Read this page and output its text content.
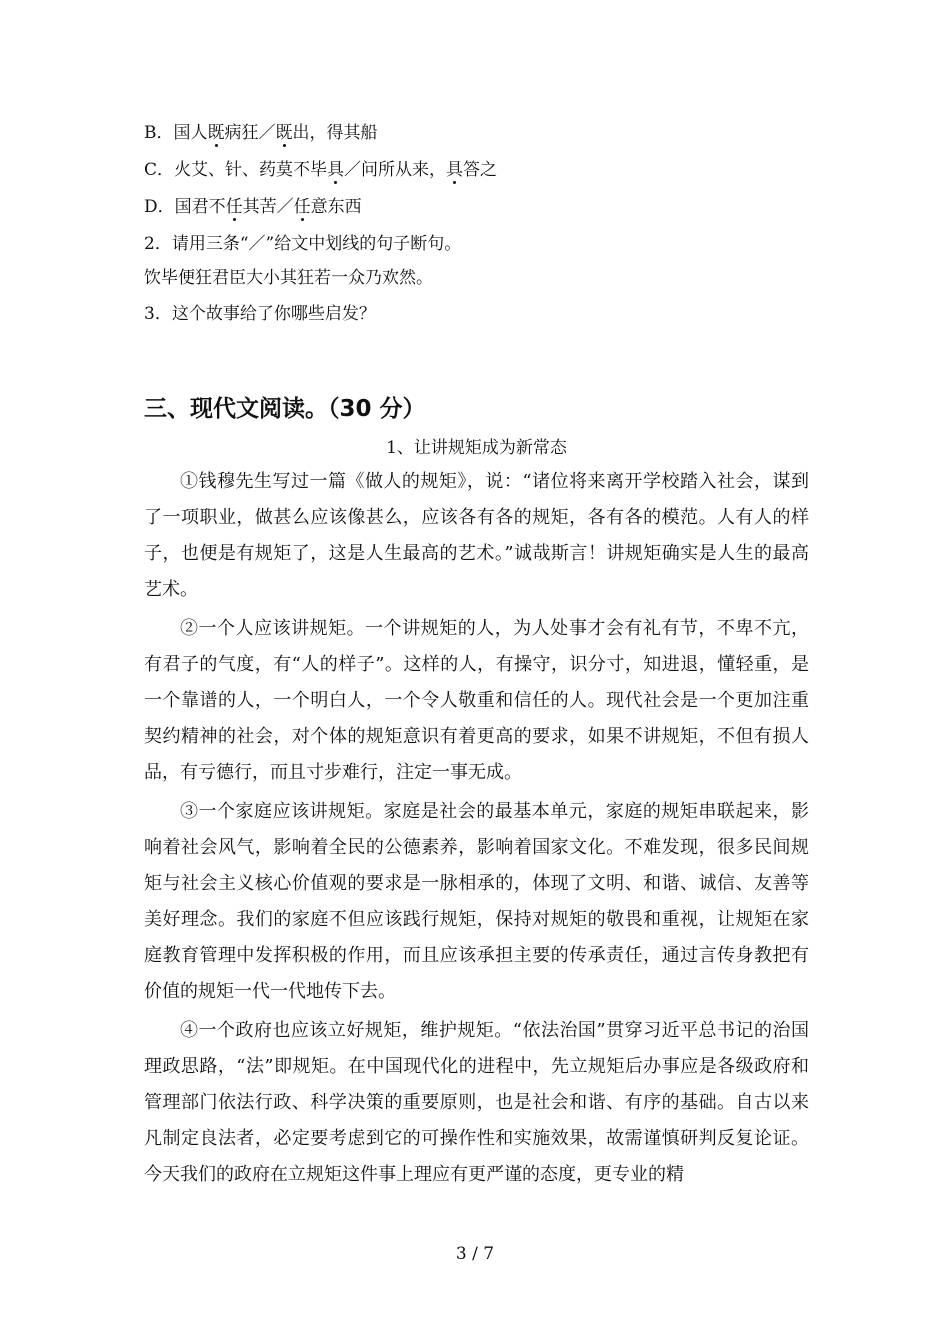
B．国人既病狂／既出，得其船
C．火艾、针、药莫不毕具／问所从来，具答之
D．国君不任其苦／任意东西
2．请用三条“／”给文中划线的句子断句。
饮毕便狂君臣大小其狂若一众乃欢然。
3．这个故事给了你哪些启发？
三、现代文阅读。（30 分）
1、让讲规矩成为新常态
①钱穆先生写过一篇《做人的规矩》，说：“诸位将来离开学校踏入社会，谋到了一项职业，做甚么应该像甚么，应该各有各的规矩，各有各的模范。人有人的样子，也便是有规矩了，这是人生最高的艺术。”诚哉斯言！讲规矩确实是人生的最高艺术。
②一个人应该讲规矩。一个讲规矩的人，为人处事才会有礼有节，不卑不亢，有君子的气度，有“人的样子”。这样的人，有操守，识分寸，知进退，懂轻重，是一个靠谱的人，一个明白人，一个令人敬重和信任的人。现代社会是一个更加注重契约精神的社会，对个体的规矩意识有着更高的要求，如果不讲规矩，不但有损人品，有亏德行，而且寸步难行，注定一事无成。
③一个家庭应该讲规矩。家庭是社会的最基本单元，家庭的规矩串联起来，影响着社会风气，影响着全民的公德素养，影响着国家文化。不难发现，很多民间规矩与社会主义核心价值观的要求是一脉相承的，体现了文明、和谐、诚信、友善等美好理念。我们的家庭不但应该践行规矩，保持对规矩的敬畏和重视，让规矩在家庭教育管理中发挥积极的作用，而且应该承担主要的传承责任，通过言传身教把有价值的规矩一代一代地传下去。
④一个政府也应该立好规矩，维护规矩。“依法治国”贯穿习近平总书记的治国理政思路，“法”即规矩。在中国现代化的进程中，先立规矩后办事应是各级政府和管理部门依法行政、科学决策的重要原则，也是社会和谐、有序的基础。自古以来凡制定良法者，必定要考虑到它的可操作性和实施效果，故需谨慎研判反复论证。今天我们的政府在立规矩这件事上理应有更严谨的态度，更专业的精
3 / 7
